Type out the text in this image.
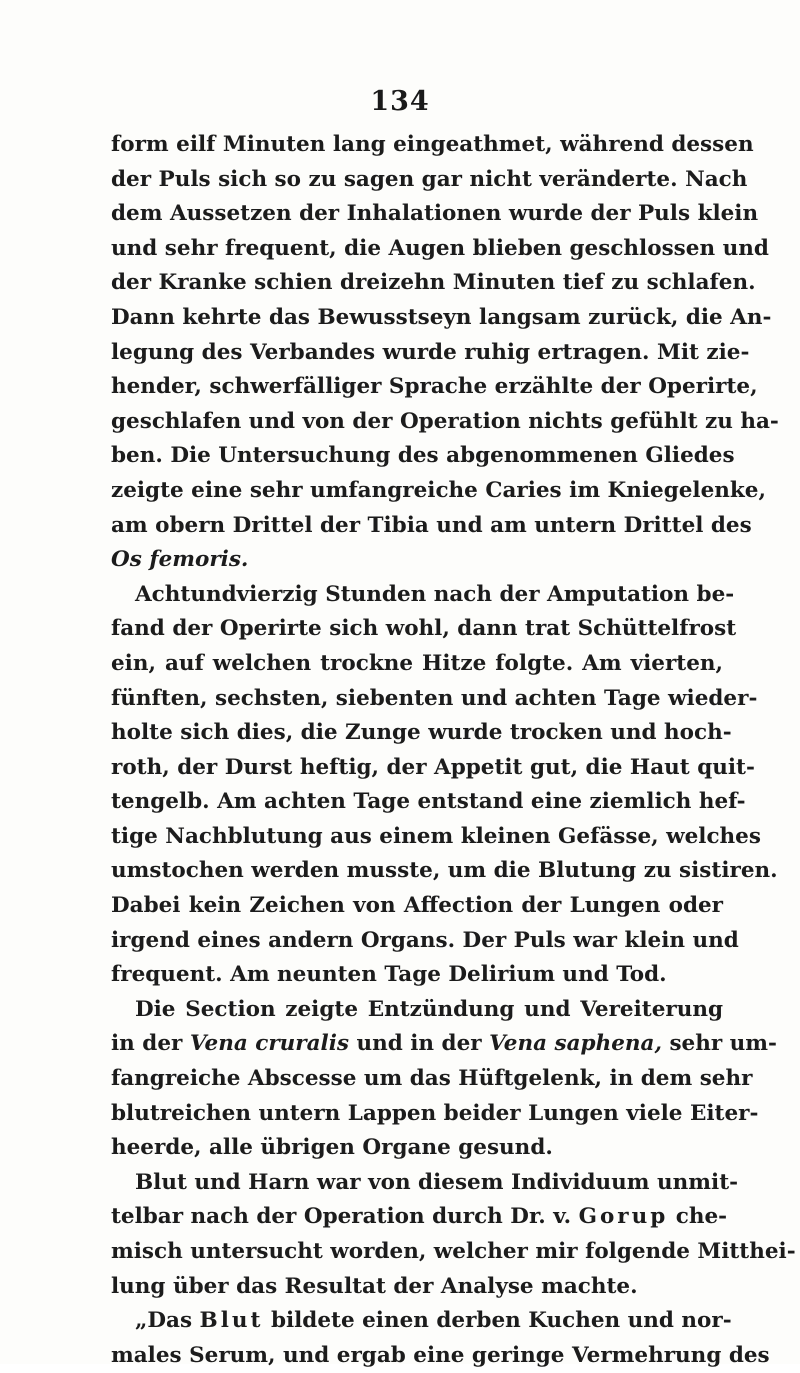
134
form eilf Minuten lang eingeathmet, während dessen
der Puls sich so zu sagen gar nicht veränderte. Nach
dem Aussetzen der Inhalationen wurde der Puls klein
und sehr frequent, die Augen blieben geschlossen und
der Kranke schien dreizehn Minuten tief zu schlafen.
Dann kehrte das Bewusstseyn langsam zurück, die An-
legung des Verbandes wurde ruhig ertragen. Mit zie-
hender, schwerfälliger Sprache erzählte der Operirte,
geschlafen und von der Operation nichts gefühlt zu ha-
ben. Die Untersuchung des abgenommenen Gliedes
zeigte eine sehr umfangreiche Caries im Kniegelenke,
am obern Drittel der Tibia und am untern Drittel des
Os femoris.
Achtundvierzig Stunden nach der Amputation be-
fand der Operirte sich wohl, dann trat Schüttelfrost
ein, auf welchen trockne Hitze folgte. Am vierten,
fünften, sechsten, siebenten und achten Tage wieder-
holte sich dies, die Zunge wurde trocken und hoch-
roth, der Durst heftig, der Appetit gut, die Haut quit-
tengelb. Am achten Tage entstand eine ziemlich hef-
tige Nachblutung aus einem kleinen Gefässe, welches
umstochen werden musste, um die Blutung zu sistiren.
Dabei kein Zeichen von Affection der Lungen oder
irgend eines andern Organs. Der Puls war klein und
frequent. Am neunten Tage Delirium und Tod.
Die Section zeigte Entzündung und Vereiterung
in der Vena cruralis und in der Vena saphena, sehr um-
fangreiche Abscesse um das Hüftgelenk, in dem sehr
blutreichen untern Lappen beider Lungen viele Eiter-
heerde, alle übrigen Organe gesund.
Blut und Harn war von diesem Individuum unmit-
telbar nach der Operation durch Dr. v. Gorup che-
misch untersucht worden, welcher mir folgende Mitthei-
lung über das Resultat der Analyse machte.
„Das Blut bildete einen derben Kuchen und nor-
males Serum, und ergab eine geringe Vermehrung des
